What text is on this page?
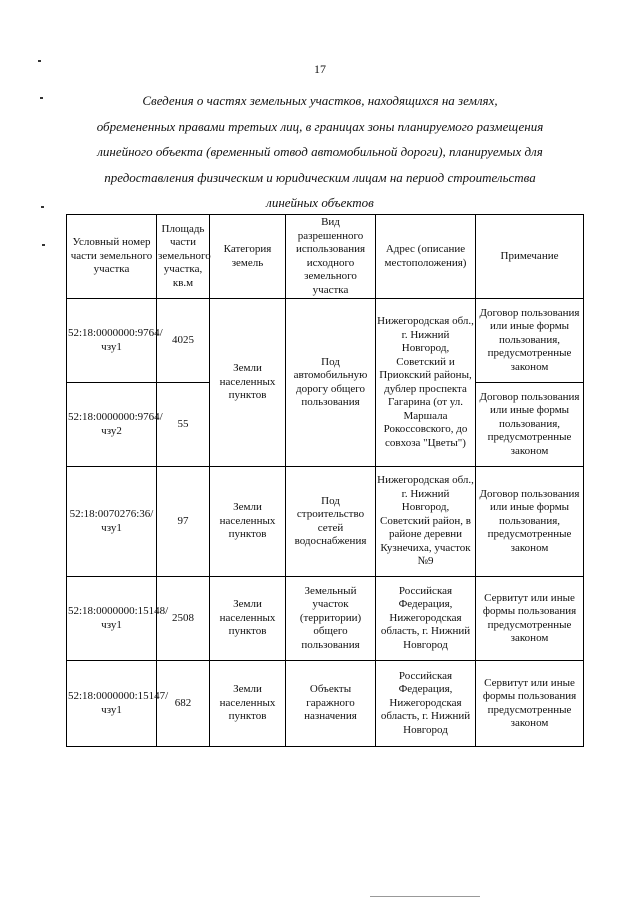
17
Сведения о частях земельных участков, находящихся на землях,
обремененных правами третьих лиц, в границах зоны планируемого размещения
линейного объекта (временный отвод автомобильной дороги), планируемых для
предоставления физическим и юридическим лицам на период строительства
линейных объектов
Условный номер части земельного участка	Площадь части земельного участка, кв.м	Категория земель	Вид разрешенного использования исходного земельного участка	Адрес (описание местоположения)	Примечание
52:18:0000000:9764/чзу1	4025	Земли населенных пунктов	Под автомобильную дорогу общего пользования	Нижегородская обл., г. Нижний Новгород, Советский и Приокский районы, дублер проспекта Гагарина (от ул. Маршала Рокоссовского, до совхоза "Цветы")	Договор пользования или иные формы пользования, предусмотренные законом
52:18:0000000:9764/чзу2	55				Договор пользования или иные формы пользования, предусмотренные законом
52:18:0070276:36/чзу1	97	Земли населенных пунктов	Под строительство сетей водоснабжения	Нижегородская обл., г. Нижний Новгород, Советский район, в районе деревни Кузнечиха, участок №9	Договор пользования или иные формы пользования, предусмотренные законом
52:18:0000000:15148/чзу1	2508	Земли населенных пунктов	Земельный участок (территории) общего пользования	Российская Федерация, Нижегородская область, г. Нижний Новгород	Сервитут или иные формы пользования предусмотренные законом
52:18:0000000:15147/чзу1	682	Земли населенных пунктов	Объекты гаражного назначения	Российская Федерация, Нижегородская область, г. Нижний Новгород	Сервитут или иные формы пользования предусмотренные законом
